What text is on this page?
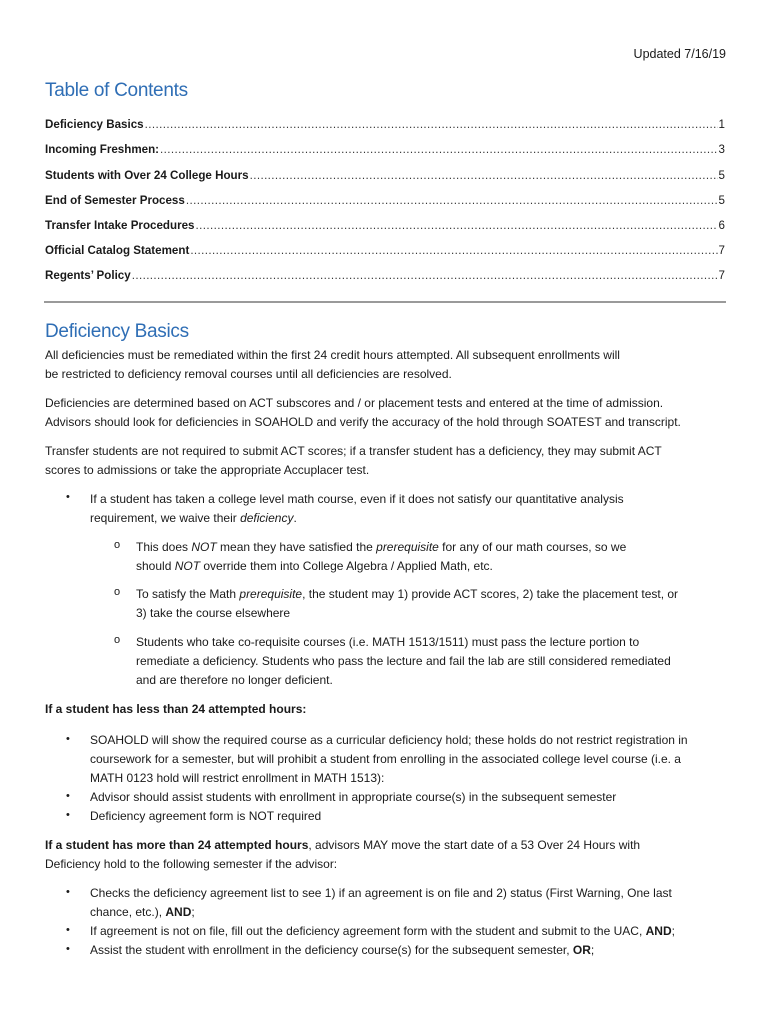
Updated 7/16/19
Table of Contents
Deficiency Basics .....	1
Incoming Freshmen: .....	3
Students with Over 24 College Hours .....	5
End of Semester Process .....	5
Transfer Intake Procedures .....	6
Official Catalog Statement .....	7
Regents’ Policy .....	7
Deficiency Basics
All deficiencies must be remediated within the first 24 credit hours attempted. All subsequent enrollments will
be restricted to deficiency removal courses until all deficiencies are resolved.
Deficiencies are determined based on ACT subscores and / or placement tests and entered at the time of admission.
Advisors should look for deficiencies in SOAHOLD and verify the accuracy of the hold through SOATEST and transcript.
Transfer students are not required to submit ACT scores; if a transfer student has a deficiency, they may submit ACT
scores to admissions or take the appropriate Accuplacer test.
• If a student has taken a college level math course, even if it does not satisfy our quantitative analysis
requirement, we waive their deficiency.
o This does NOT mean they have satisfied the prerequisite for any of our math courses, so we
should NOT override them into College Algebra / Applied Math, etc.
o To satisfy the Math prerequisite, the student may 1) provide ACT scores, 2) take the placement test, or
3) take the course elsewhere
o Students who take co-requisite courses (i.e. MATH 1513/1511) must pass the lecture portion to
remediate a deficiency. Students who pass the lecture and fail the lab are still considered remediated
and are therefore no longer deficient.
If a student has less than 24 attempted hours:
• SOAHOLD will show the required course as a curricular deficiency hold; these holds do not restrict registration in
coursework for a semester, but will prohibit a student from enrolling in the associated college level course (i.e. a
MATH 0123 hold will restrict enrollment in MATH 1513):
• Advisor should assist students with enrollment in appropriate course(s) in the subsequent semester
• Deficiency agreement form is NOT required
If a student has more than 24 attempted hours, advisors MAY move the start date of a 53 Over 24 Hours with
Deficiency hold to the following semester if the advisor:
• Checks the deficiency agreement list to see 1) if an agreement is on file and 2) status (First Warning, One last
chance, etc.), AND;
• If agreement is not on file, fill out the deficiency agreement form with the student and submit to the UAC, AND;
• Assist the student with enrollment in the deficiency course(s) for the subsequent semester, OR;
